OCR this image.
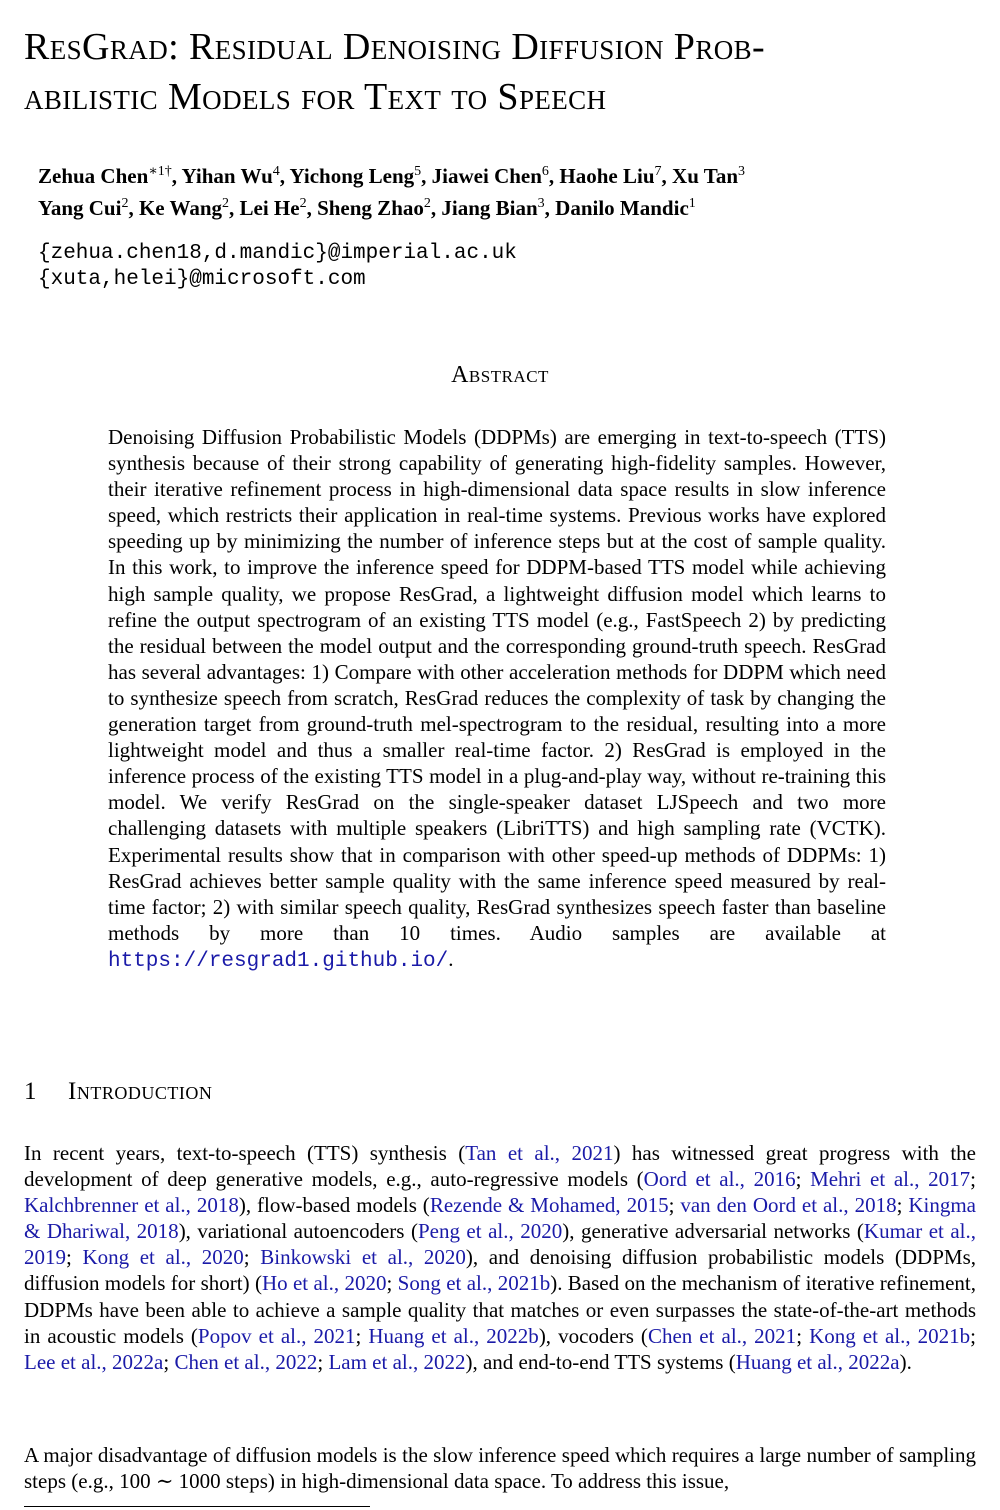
ResGrad: Residual Denoising Diffusion Prob-
abilistic Models for Text to Speech
Zehua Chen$^{∗1\dagger}$, Yihan Wu$^4$, Yichong Leng$^5$, Jiawei Chen$^6$, Haohe Liu$^7$, Xu Tan$^3$
Yang Cui$^2$, Ke Wang$^2$, Lei He$^2$, Sheng Zhao$^2$, Jiang Bian$^3$, Danilo Mandic$^1$
{zehua.chen18,d.mandic}@imperial.ac.uk
{xuta,helei}@microsoft.com
Abstract

Denoising Diffusion Probabilistic Models (DDPMs) are emerging in text-to-speech (TTS) synthesis because of their strong capability of generating high-fidelity samples. However, their iterative refinement process in high-dimensional data space results in slow inference speed, which restricts their application in real-time systems. Previous works have explored speeding up by minimizing the number of inference steps but at the cost of sample quality. In this work, to improve the inference speed for DDPM-based TTS model while achieving high sample quality, we propose ResGrad, a lightweight diffusion model which learns to refine the output spectrogram of an existing TTS model (e.g., FastSpeech 2) by predicting the residual between the model output and the corresponding ground-truth speech. ResGrad has several advantages: 1) Compare with other acceleration methods for DDPM which need to synthesize speech from scratch, ResGrad reduces the complexity of task by changing the generation target from ground-truth mel-spectrogram to the residual, resulting into a more lightweight model and thus a smaller real-time factor. 2) ResGrad is employed in the inference process of the existing TTS model in a plug-and-play way, without re-training this model. We verify ResGrad on the single-speaker dataset LJSpeech and two more challenging datasets with multiple speakers (LibriTTS) and high sampling rate (VCTK). Experimental results show that in comparison with other speed-up methods of DDPMs: 1) ResGrad achieves better sample quality with the same inference speed measured by real-time factor; 2) with similar speech quality, ResGrad synthesizes speech faster than baseline methods by more than 10 times. Audio samples are available at https://resgrad1.github.io/.

1 Introduction

In recent years, text-to-speech (TTS) synthesis (Tan et al., 2021) has witnessed great progress with the development of deep generative models, e.g., auto-regressive models (Oord et al., 2016; Mehri et al., 2017; Kalchbrenner et al., 2018), flow-based models (Rezende & Mohamed, 2015; van den Oord et al., 2018; Kingma & Dhariwal, 2018), variational autoencoders (Peng et al., 2020), generative adversarial networks (Kumar et al., 2019; Kong et al., 2020; Binkowski et al., 2020), and denoising diffusion probabilistic models (DDPMs, diffusion models for short) (Ho et al., 2020; Song et al., 2021b). Based on the mechanism of iterative refinement, DDPMs have been able to achieve a sample quality that matches or even surpasses the state-of-the-art methods in acoustic models (Popov et al., 2021; Huang et al., 2022b), vocoders (Chen et al., 2021; Kong et al., 2021b; Lee et al., 2022a; Chen et al., 2022; Lam et al., 2022), and end-to-end TTS systems (Huang et al., 2022a).

A major disadvantage of diffusion models is the slow inference speed which requires a large number of sampling steps (e.g., 100 ∼ 1000 steps) in high-dimensional data space. To address this issue,
